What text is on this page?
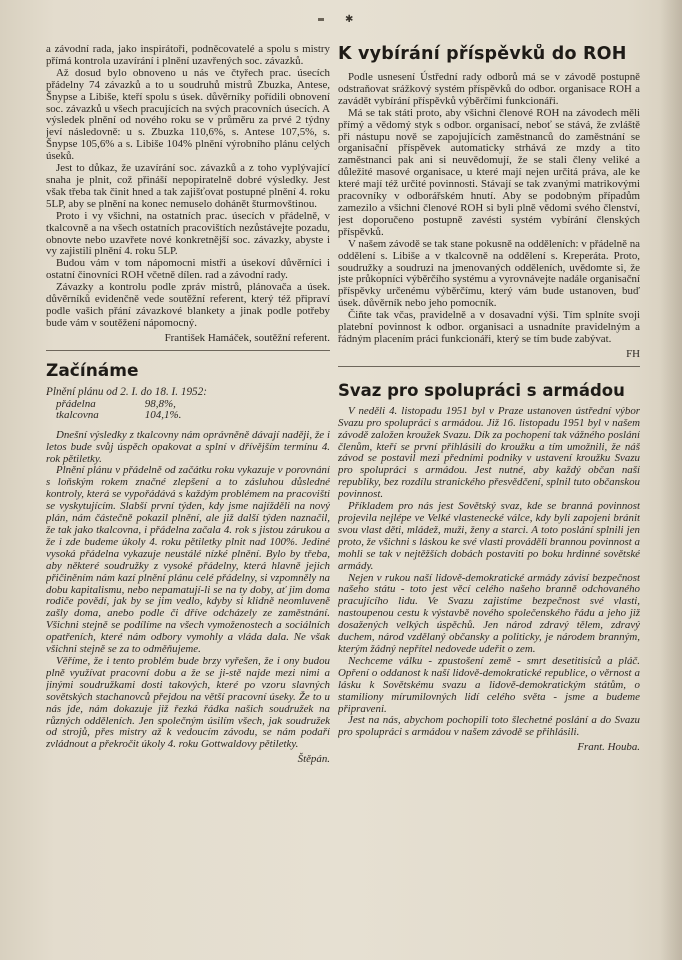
✱

a závodní rada, jako inspirátoři, podněcovatelé a spolu s mistry přímá kontrola uzavírání i plnění uzavřených soc. závazků.

Až dosud bylo obnoveno u nás ve čtyřech prac. úsecích přádelny 74 závazků a to u soudruhů mistrů Zbuzka, Antese, Šnypse a Libiše, kteří spolu s úsek. důvěrníky pořídili obnovení soc. závazků u všech pracujících na svých pracovních úsecích. A výsledek plnění od nového roku se v průměru za prvé 2 týdny jeví následovně: u s. Zbuzka 110,6%, s. Antese 107,5%, s. Šnypse 105,6% a s. Libiše 104% plnění výrobního plánu celých úseků.

Jest to důkaz, že uzavírání soc. závazků a z toho vyplývající snaha je plnit, což přináší nepopiratelně dobré výsledky. Jest však třeba tak činit hned a tak zajišťovat postupné plnění 4. roku 5LP, aby se plnění na konec nemuselo dohánět šturmovštinou.

Proto i vy všichni, na ostatních prac. úsecích v přádelně, v tkalcovně a na všech ostatních pracovištích nezůstávejte pozadu, obnovte nebo uzavřete nové konkretnější soc. závazky, abyste i vy zajistili plnění 4. roku 5LP.

Budou vám v tom nápomocni mistři a úsekoví důvěrníci i ostatní činovníci ROH včetně dílen. rad a závodní rady.

Závazky a kontrolu podle zpráv mistrů, plánovača a úsek. důvěrníků evidenčně vede soutěžní referent, který též připraví podle vašich přání závazkové blankety a jinak podle potřeby bude vám v soutěžení nápomocný.

František Hamáček, soutěžní referent.
Začínáme
Plnění plánu od 2. I. do 18. I. 1952:
přádelna	98,8%,
tkalcovna	104,1%.

Dnešní výsledky z tkalcovny nám oprávněně dávají naději, že i letos bude svůj úspěch opakovat a splní v dřívějším termínu 4. rok pětiletky.

Plnění plánu v přádelně od začátku roku vykazuje v porovnání s loňským rokem značné zlepšení a to zásluhou důsledné kontroly, která se vypořádává s každým problémem na pracovišti se vyskytujícím. Slabší první týden, kdy jsme najížděli na nový plán, nám částečně pokazil plnění, ale již další týden naznačil, že tak jako tkalcovna, i přádelna začala 4. rok s jistou zárukou a že i zde budeme úkoly 4. roku pětiletky plnit nad 100%. Jediné vysoká přádelna vykazuje neustálé nízké plnění. Bylo by třeba, aby některé soudružky z vysoké přádelny, která hlavně jejich přičiněním nám kazí plnění plánu celé přádelny, si vzpomněly na dobu kapitalismu, nebo nepamatují-li se na ty doby, ať jim doma rodiče povědí, jak by se jim vedlo, kdyby si klidně neomluveně zašly doma, anebo podle či dříve odcházely ze zaměstnání. Všichni stejně se podílíme na všech vymoženostech a sociálních opatřeních, které nám odbory vymohly a vláda dala. Ne však všichni stejně se za to odměňujeme.

Věříme, že i tento problém bude brzy vyřešen, že i ony budou plně využívat pracovní dobu a že se ji-stě najde mezi nimi a jinými soudružkami dosti takových, které po vzoru slavných sovětských stachanovců přejdou na větší pracovní úseky. Že to u nás jde, nám dokazuje již řezká řádka našich soudružek na různých odděleních. Jen společným úsilím všech, jak soudružek od strojů, přes mistry až k vedoucím závodu, se nám podaří zvládnout a překročit úkoly 4. roku Gottwaldovy pětiletky.

Štěpán.
K vybírání příspěvků do ROH

Podle usnesení Ústřední rady odborů má se v závodě postupně odstraňovat srážkový systém příspěvků do odbor. organisace ROH a zavádět vybírání příspěvků výběrčími funkcionáři.

Má se tak státi proto, aby všichni členové ROH na závodech měli přímý a vědomý styk s odbor. organisací, neboť se stává, že zvláště při nástupu nově se zapojujících zaměstnanců do zaměstnání se organisační příspěvek automaticky strhává ze mzdy a tito zaměstnanci pak ani si neuvědomují, že se stali členy veliké a důležité masové organisace, u které mají nejen určitá práva, ale ke které mají též určité povinnosti. Stávají se tak zvanými matrikovými pracovníky v odborářském hnutí. Aby se podobným případům zamezilo a všichni členové ROH si byli plně vědomi svého členství, jest doporučeno postupně zavésti systém vybírání členských příspěvků.

V našem závodě se tak stane pokusně na odděleních: v přádelně na oddělení s. Libiše a v tkalcovně na oddělení s. Kreperáta. Proto, soudružky a soudruzi na jmenovaných odděleních, uvědomte si, že jste průkopníci výběrčího systému a vyrovnávejte nadále organisační příspěvky určenému výběrčímu, který vám bude ustanoven, buď úsek. důvěrník nebo jeho pomocník.

Čiňte tak včas, pravidelně a v dosavadní výši. Tím splníte svoji platební povinnost k odbor. organisaci a usnadníte pravidelným a řádným placením práci funkcionáři, který se tím bude zabývat.

FH
Svaz pro spolupráci s armádou

V neděli 4. listopadu 1951 byl v Praze ustanoven ústřední výbor Svazu pro spolupráci s armádou. Již 16. listopadu 1951 byl v našem závodě založen kroužek Svazu. Dík za pochopení tak vážného poslání členům, kteří se první přihlásili do kroužku a tím umožnili, že náš závod se postavil mezi předními podniky v ustavení kroužku Svazu pro spolupráci s armádou. Jest nutné, aby každý občan naší republiky, bez rozdílu stranického přesvědčení, splnil tuto občanskou povinnost.

Příkladem pro nás jest Sovětský svaz, kde se branná povinnost projevila nejlépe ve Velké vlastenecké válce, kdy byli zapojeni bránit svou vlast děti, mládež, muži, ženy a starci. A toto poslání splnili jen proto, že všichni s láskou ke své vlasti prováděli brannou povinnost a mohli se tak v nejtěžších dobách postaviti po boku hrdinné sovětské armády.

Nejen v rukou naší lidově-demokratické armády závisí bezpečnost našeho státu - toto jest věcí celého našeho branně odchovaného pracujícího lidu. Ve Svazu zajistíme bezpečnost své vlasti, nastoupenou cestu k výstavbě nového společenského řádu a jeho již dosažených velkých úspěchů. Jen národ zdravý tělem, zdravý duchem, národ vzdělaný občansky a politicky, je národem branným, kterým žádný nepřítel nedovede udeřit o zem.

Nechceme válku - zpustošení země - smrt desetitisíců a pláč. Opření o oddanost k naší lidově-demokratické republice, o věrnost a lásku k Sovětskému svazu a lidově-demokratickým státům, o stamiliony mírumilovných lidí celého světa - jsme a budeme připraveni.

Jest na nás, abychom pochopili toto šlechetné poslání a do Svazu pro spolupráci s armádou v našem závodě se přihlásili.

Frant. Houba.
